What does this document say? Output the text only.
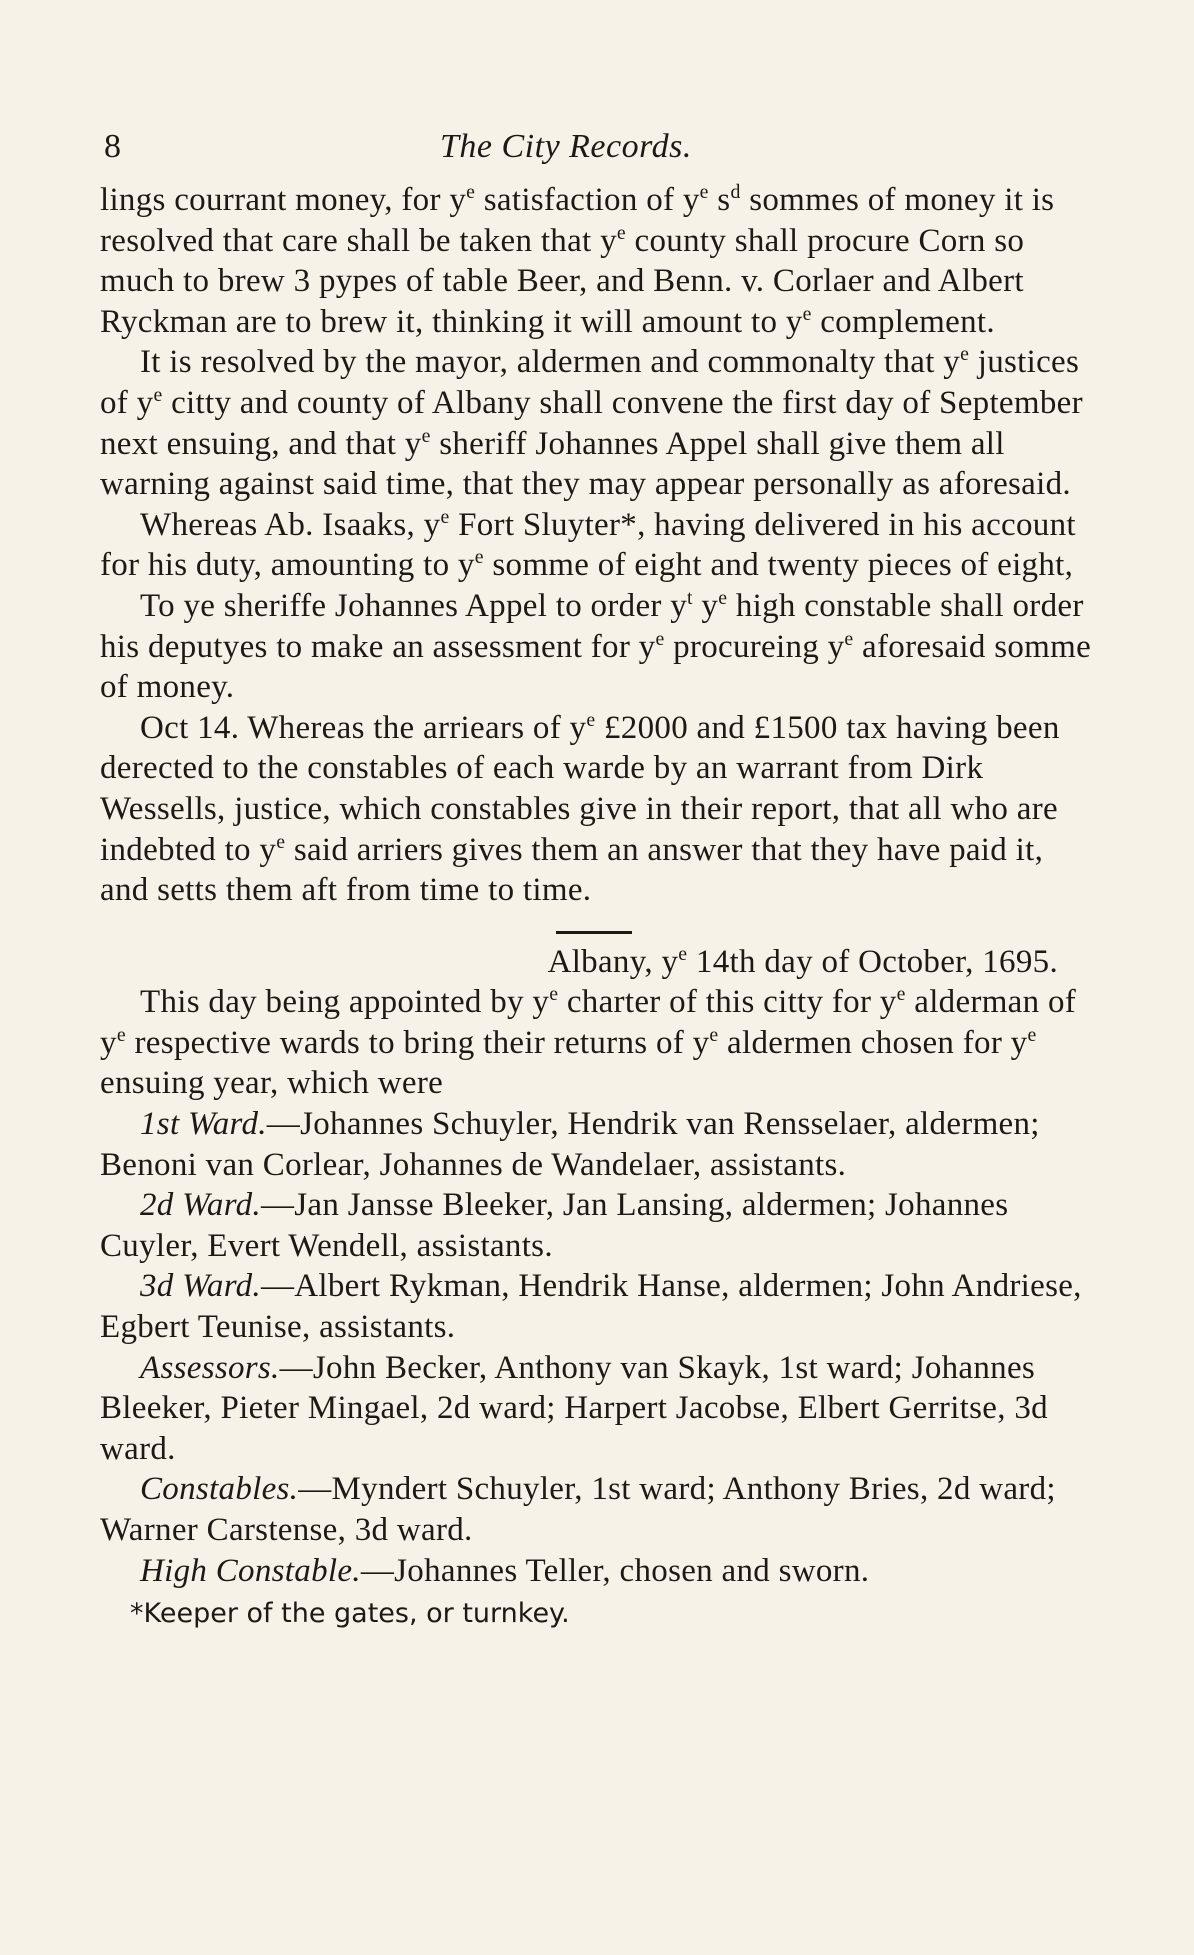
8	The City Records.

lings courrant money, for $y^e$ satisfaction of $y^e$ $s^d$ sommes of money it is resolved that care shall be taken that $y^e$ county shall procure Corn so much to brew 3 pypes of table Beer, and Benn. v. Corlaer and Albert Ryckman are to brew it, thinking it will amount to $y^e$ complement.

It is resolved by the mayor, aldermen and commonalty that $y^e$ justices of $y^e$ citty and county of Albany shall convene the first day of September next ensuing, and that $y^e$ sheriff Johannes Appel shall give them all warning against said time, that they may appear personally as aforesaid.

Whereas Ab. Isaaks, $y^e$ Fort Sluyter*, having delivered in his account for his duty, amounting to $y^e$ somme of eight and twenty pieces of eight,

To ye sheriffe Johannes Appel to order $y^t$ $y^e$ high constable shall order his deputyes to make an assessment for $y^e$ procureing $y^e$ aforesaid somme of money.

Oct 14. Whereas the arriears of $y^e$ £2000 and £1500 tax having been derected to the constables of each warde by an warrant from Dirk Wessells, justice, which constables give in their report, that all who are indebted to $y^e$ said arriers gives them an answer that they have paid it, and setts them aft from time to time.

Albany, $y^e$ 14th day of October, 1695.

This day being appointed by $y^e$ charter of this citty for $y^e$ alderman of $y^e$ respective wards to bring their returns of $y^e$ aldermen chosen for $y^e$ ensuing year, which were

1st Ward.—Johannes Schuyler, Hendrik van Rensselaer, aldermen; Benoni van Corlear, Johannes de Wandelaer, assistants.

2d Ward.—Jan Jansse Bleeker, Jan Lansing, aldermen; Johannes Cuyler, Evert Wendell, assistants.

3d Ward.—Albert Rykman, Hendrik Hanse, aldermen; John Andriese, Egbert Teunise, assistants.

Assessors.—John Becker, Anthony van Skayk, 1st ward; Johannes Bleeker, Pieter Mingael, 2d ward; Harpert Jacobse, Elbert Gerritse, 3d ward.

Constables.—Myndert Schuyler, 1st ward; Anthony Bries, 2d ward; Warner Carstense, 3d ward.

High Constable.—Johannes Teller, chosen and sworn.

*Keeper of the gates, or turnkey.
